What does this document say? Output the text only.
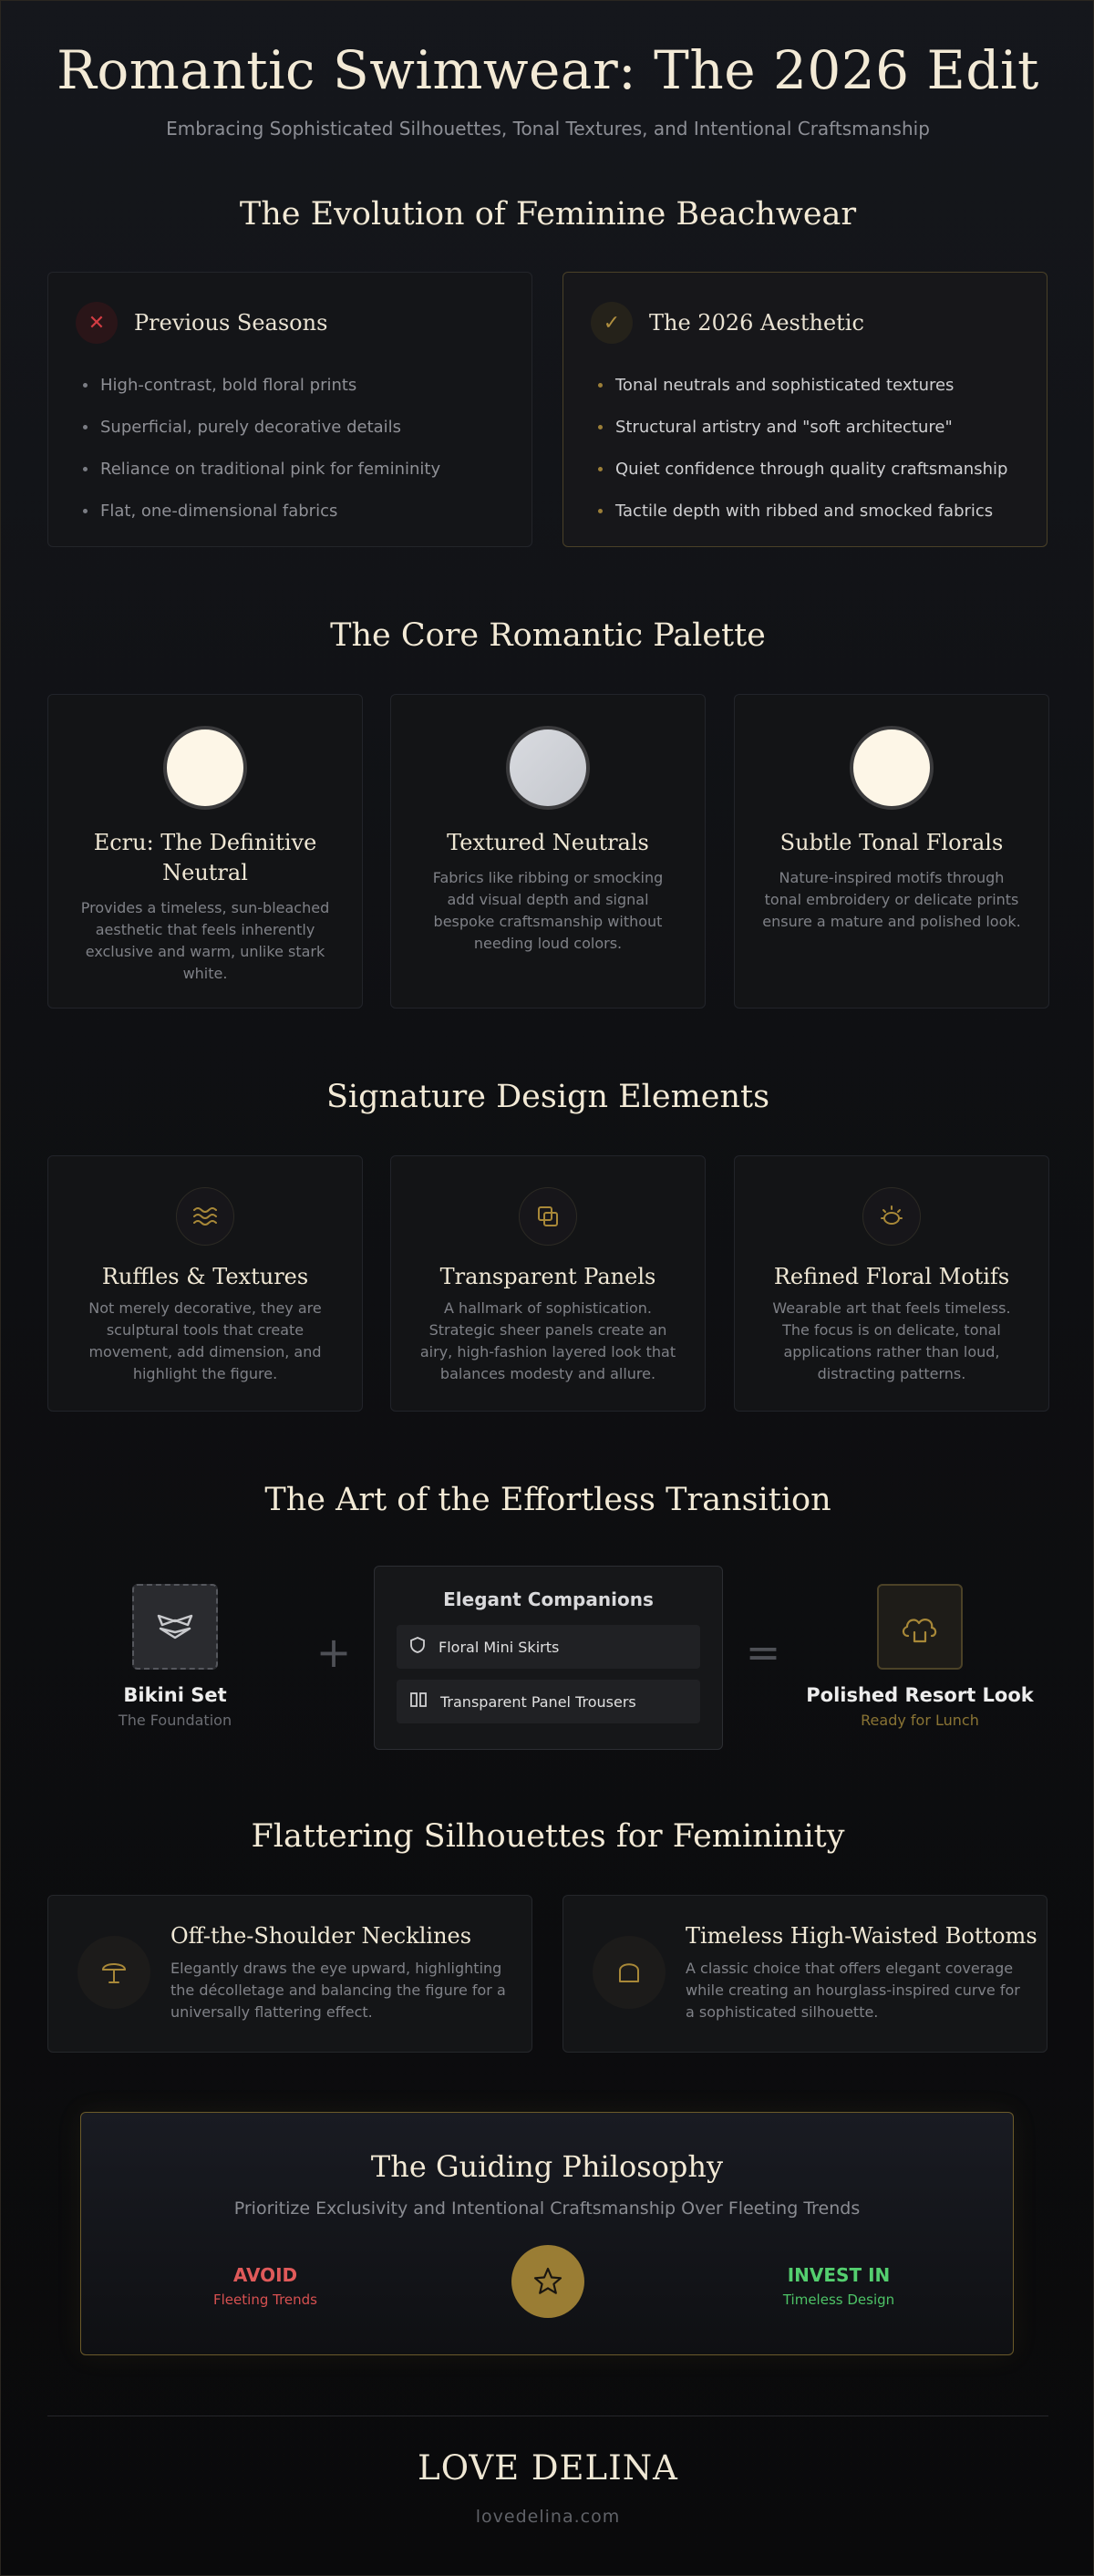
Romantic Swimwear: The 2026 Edit
Embracing Sophisticated Silhouettes, Tonal Textures, and Intentional Craftsmanship
The Evolution of Feminine Beachwear
✕	Previous Seasons
High-contrast, bold floral prints
Superficial, purely decorative details
Reliance on traditional pink for femininity
Flat, one-dimensional fabrics
✓	The 2026 Aesthetic
Tonal neutrals and sophisticated textures
Structural artistry and "soft architecture"
Quiet confidence through quality craftsmanship
Tactile depth with ribbed and smocked fabrics
The Core Romantic Palette
Ecru: The Definitive Neutral
Provides a timeless, sun-bleached aesthetic that feels inherently exclusive and warm, unlike stark white.
Textured Neutrals
Fabrics like ribbing or smocking add visual depth and signal bespoke craftsmanship without needing loud colors.
Subtle Tonal Florals
Nature-inspired motifs through tonal embroidery or delicate prints ensure a mature and polished look.
Signature Design Elements
Ruffles & Textures
Not merely decorative, they are sculptural tools that create movement, add dimension, and highlight the figure.
Transparent Panels
A hallmark of sophistication. Strategic sheer panels create an airy, high-fashion layered look that balances modesty and allure.
Refined Floral Motifs
Wearable art that feels timeless. The focus is on delicate, tonal applications rather than loud, distracting patterns.
The Art of the Effortless Transition
Bikini Set
The Foundation
+
Elegant Companions
Floral Mini Skirts
Transparent Panel Trousers
=
Polished Resort Look
Ready for Lunch
Flattering Silhouettes for Femininity
Off-the-Shoulder Necklines
Elegantly draws the eye upward, highlighting the décolletage and balancing the figure for a universally flattering effect.
Timeless High-Waisted Bottoms
A classic choice that offers elegant coverage while creating an hourglass-inspired curve for a sophisticated silhouette.
The Guiding Philosophy
Prioritize Exclusivity and Intentional Craftsmanship Over Fleeting Trends
AVOID
Fleeting Trends
INVEST IN
Timeless Design
LOVE DELINA
lovedelina.com
